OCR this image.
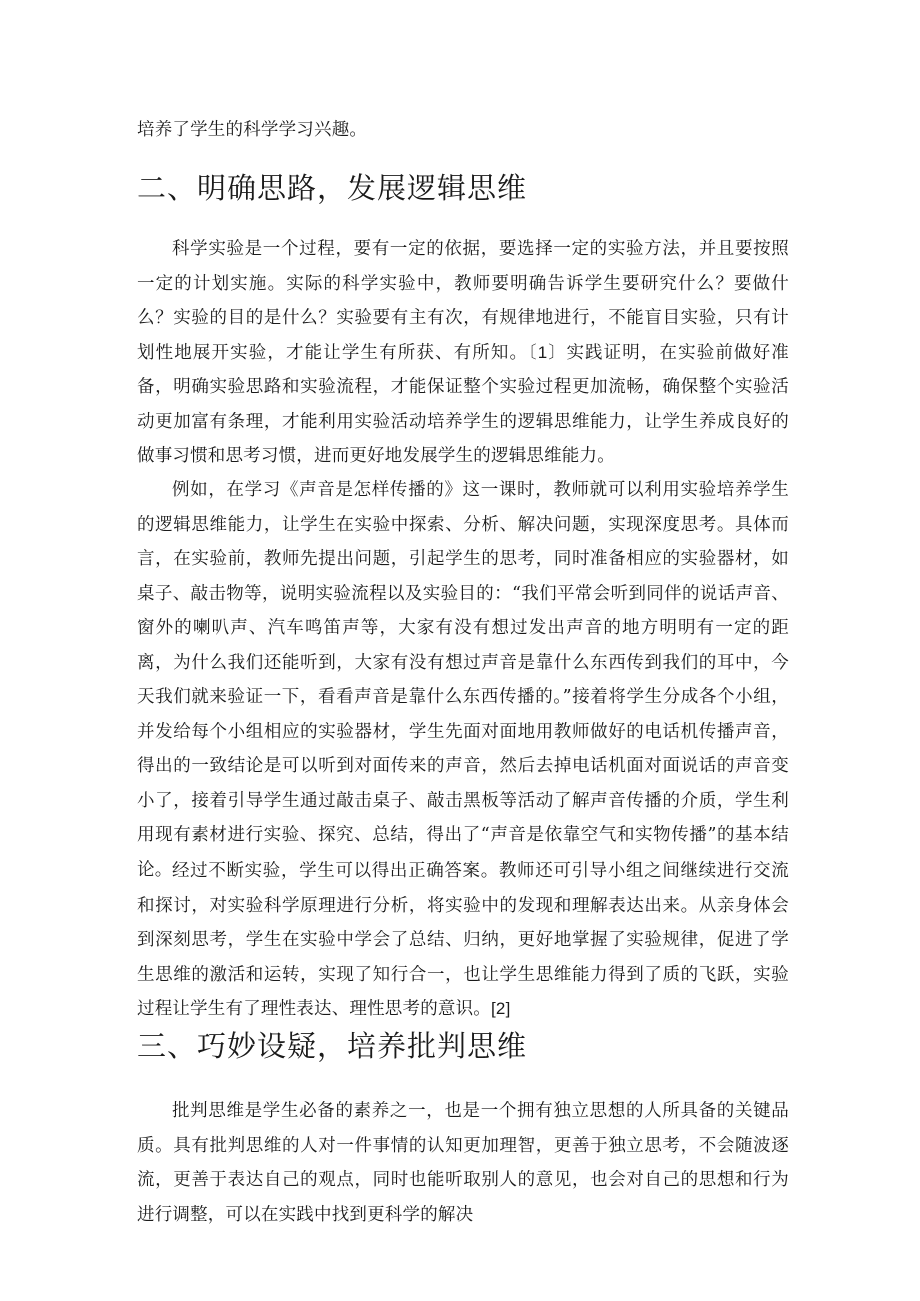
培养了学生的科学学习兴趣。

二、明确思路，发展逻辑思维

科学实验是一个过程，要有一定的依据，要选择一定的实验方法，并且要按照一定的计划实施。实际的科学实验中，教师要明确告诉学生要研究什么？要做什么？实验的目的是什么？实验要有主有次，有规律地进行，不能盲目实验，只有计划性地展开实验，才能让学生有所获、有所知。〔1〕实践证明，在实验前做好准备，明确实验思路和实验流程，才能保证整个实验过程更加流畅，确保整个实验活动更加富有条理，才能利用实验活动培养学生的逻辑思维能力，让学生养成良好的做事习惯和思考习惯，进而更好地发展学生的逻辑思维能力。

例如，在学习《声音是怎样传播的》这一课时，教师就可以利用实验培养学生的逻辑思维能力，让学生在实验中探索、分析、解决问题，实现深度思考。具体而言，在实验前，教师先提出问题，引起学生的思考，同时准备相应的实验器材，如桌子、敲击物等，说明实验流程以及实验目的：“我们平常会听到同伴的说话声音、窗外的喇叭声、汽车鸣笛声等，大家有没有想过发出声音的地方明明有一定的距离，为什么我们还能听到，大家有没有想过声音是靠什么东西传到我们的耳中，今天我们就来验证一下，看看声音是靠什么东西传播的。”接着将学生分成各个小组，并发给每个小组相应的实验器材，学生先面对面地用教师做好的电话机传播声音，得出的一致结论是可以听到对面传来的声音，然后去掉电话机面对面说话的声音变小了，接着引导学生通过敲击桌子、敲击黑板等活动了解声音传播的介质，学生利用现有素材进行实验、探究、总结，得出了“声音是依靠空气和实物传播”的基本结论。 经过不断实验，学生可以得出正确答案。教师还可引导小组之间继续进行交流和探讨，对实验科学原理进行分析，将实验中的发现和理解表达出来。从亲身体会到深刻思考，学生在实验中学会了总结、归纳，更好地掌握了实验规律，促进了学生思维的激活和运转，实现了知行合一，也让学生思维能力得到了质的飞跃，实验过程让学生有了理性表达、理性思考的意识。[2]

三、巧妙设疑，培养批判思维

批判思维是学生必备的素养之一，也是一个拥有独立思想的人所具备的关键品质。具有批判思维的人对一件事情的认知更加理智，更善于独立思考，不会随波逐流，更善于表达自己的观点，同时也能听取别人的意见，也会对自己的思想和行为进行调整，可以在实践中找到更科学的解决
